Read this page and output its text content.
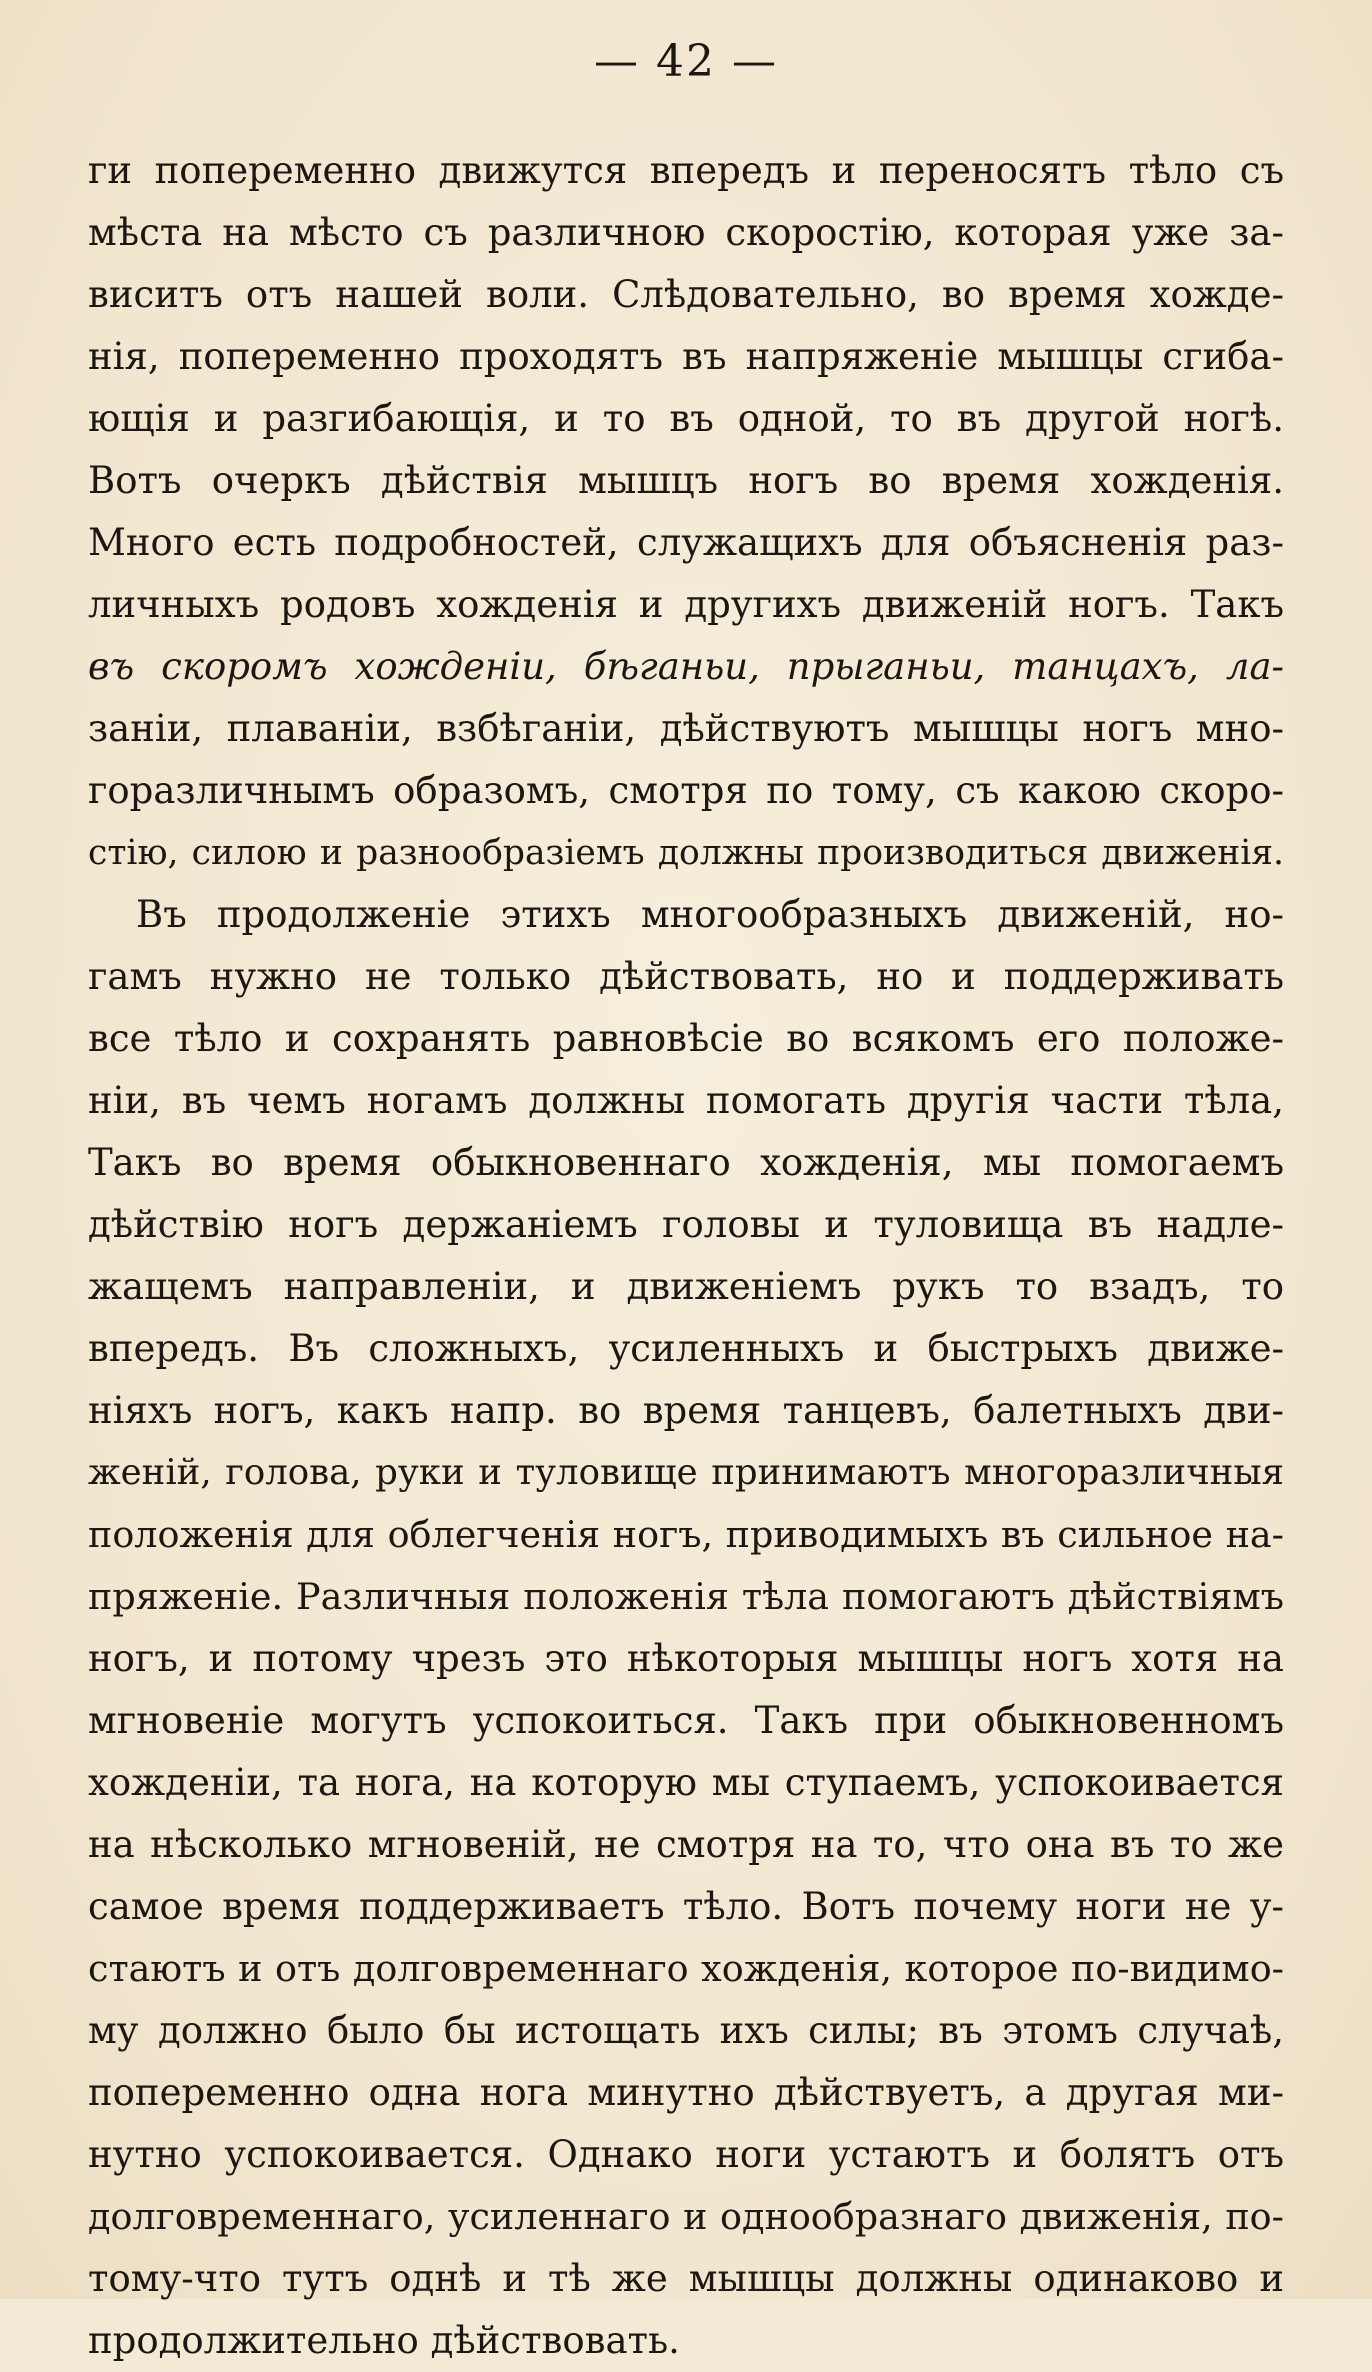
— 42 —
ги попеременно движутся впередъ и переносятъ тѣло съ
мѣста на мѣсто съ различною скоростію, которая уже за-
виситъ отъ нашей воли. Слѣдовательно, во время хожде-
нія, попеременно проходятъ въ напряженіе мышцы сгиба-
ющія и разгибающія, и то въ одной, то въ другой ногѣ.
Вотъ очеркъ дѣйствія мышцъ ногъ во время хожденія.
Много есть подробностей, служащихъ для объясненія раз-
личныхъ родовъ хожденія и другихъ движеній ногъ. Такъ
въ скоромъ хожденіи, бѣганьи, прыганьи, танцахъ, ла-
заніи, плаваніи, взбѣганіи, дѣйствуютъ мышцы ногъ мно-
горазличнымъ образомъ, смотря по тому, съ какою скоро-
стію, силою и разнообразіемъ должны производиться движенія.
Въ продолженіе этихъ многообразныхъ движеній, но-
гамъ нужно не только дѣйствовать, но и поддерживать
все тѣло и сохранять равновѣсіе во всякомъ его положе-
ніи, въ чемъ ногамъ должны помогать другія части тѣла,
Такъ во время обыкновеннаго хожденія, мы помогаемъ
дѣйствію ногъ держаніемъ головы и туловища въ надле-
жащемъ направленіи, и движеніемъ рукъ то взадъ, то
впередъ. Въ сложныхъ, усиленныхъ и быстрыхъ движе-
ніяхъ ногъ, какъ напр. во время танцевъ, балетныхъ дви-
женій, голова, руки и туловище принимаютъ многоразличныя
положенія для облегченія ногъ, приводимыхъ въ сильное на-
пряженіе. Различныя положенія тѣла помогаютъ дѣйствіямъ
ногъ, и потому чрезъ это нѣкоторыя мышцы ногъ хотя на
мгновеніе могутъ успокоиться. Такъ при обыкновенномъ
хожденіи, та нога, на которую мы ступаемъ, успокоивается
на нѣсколько мгновеній, не смотря на то, что она въ то же
самое время поддерживаетъ тѣло. Вотъ почему ноги не у-
стаютъ и отъ долговременнаго хожденія, которое по-видимо-
му должно было бы истощать ихъ силы; въ этомъ случаѣ,
попеременно одна нога минутно дѣйствуетъ, а другая ми-
нутно успокоивается. Однако ноги устаютъ и болятъ отъ
долговременнаго, усиленнаго и однообразнаго движенія, по-
тому-что тутъ однѣ и тѣ же мышцы должны одинаково и
продолжительно дѣйствовать.
